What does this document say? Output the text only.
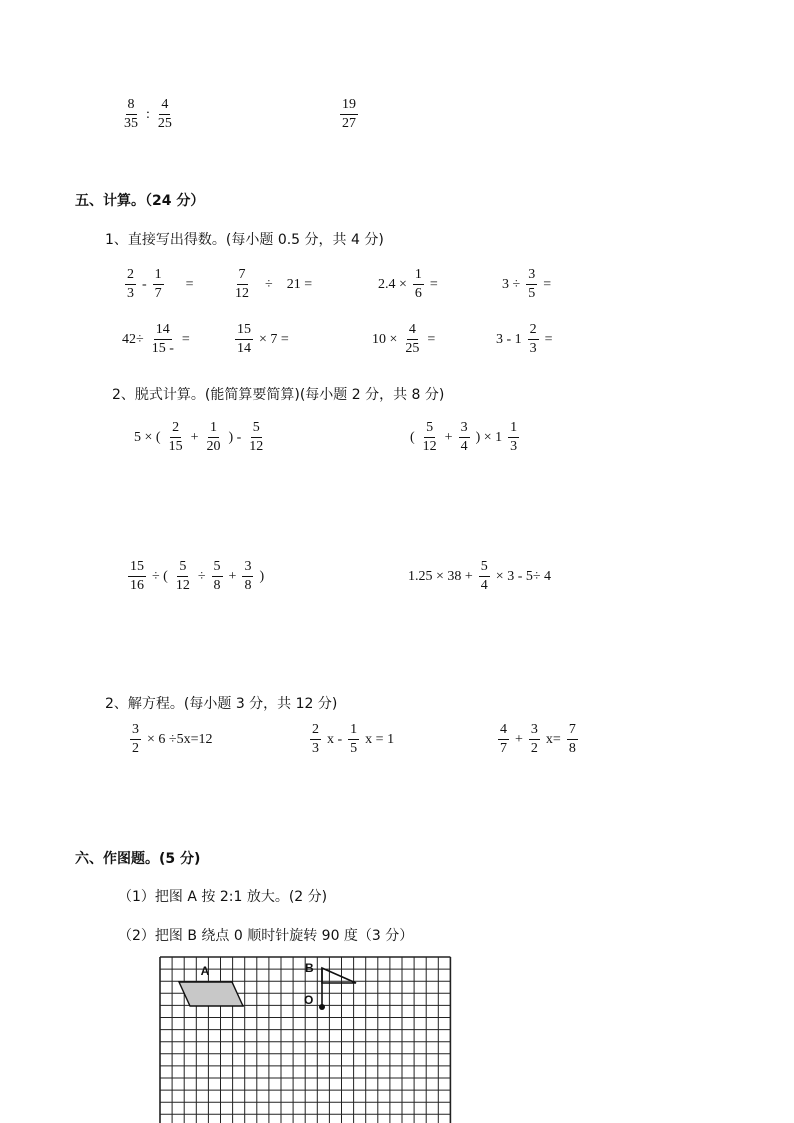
$\frac{8}{35}$ : $\frac{4}{25}$	$\frac{19}{27}$
五、计算。（24 分）
1、直接写出得数。(每小题 0.5 分，共 4 分)
$\frac{2}{3} - \frac{1}{7}$ =	$\frac{7}{12} \div 21$ =	$2.4 \times \frac{1}{6}$ =	$3 \div \frac{3}{5}$ =
$42\div \frac{14}{15 -}$ =	$\frac{15}{14} \times 7$ =	$10 \times \frac{4}{25}$ =	$3 - 1 \frac{2}{3}$ =
2、脱式计算。(能简算要简算)(每小题 2 分，共 8 分)
5 × ( $\frac{2}{15} + \frac{1}{20}$ ) - $\frac{5}{12}$	( $\frac{5}{12} + \frac{3}{4}$ ) × $1 \frac{1}{3}$
$\frac{15}{16}$ ÷ ( $\frac{5}{12} \div \frac{5}{8} + \frac{3}{8}$ )	$1.25 \times 38 + \frac{5}{4} \times 3 - 5\div 4$
2、解方程。(每小题 3 分，共 12 分)
$\frac{3}{2} \times 6 \div 5x=12$	$\frac{2}{3}$ x - $\frac{1}{5}$ x = 1	$\frac{4}{7} + \frac{3}{2} x= \frac{7}{8}$
六、作图题。(5 分)
（1）把图 A 按 2:1 放大。(2 分)
（2）把图 B 绕点 0 顺时针旋转 90 度（3 分）
A	B
O
